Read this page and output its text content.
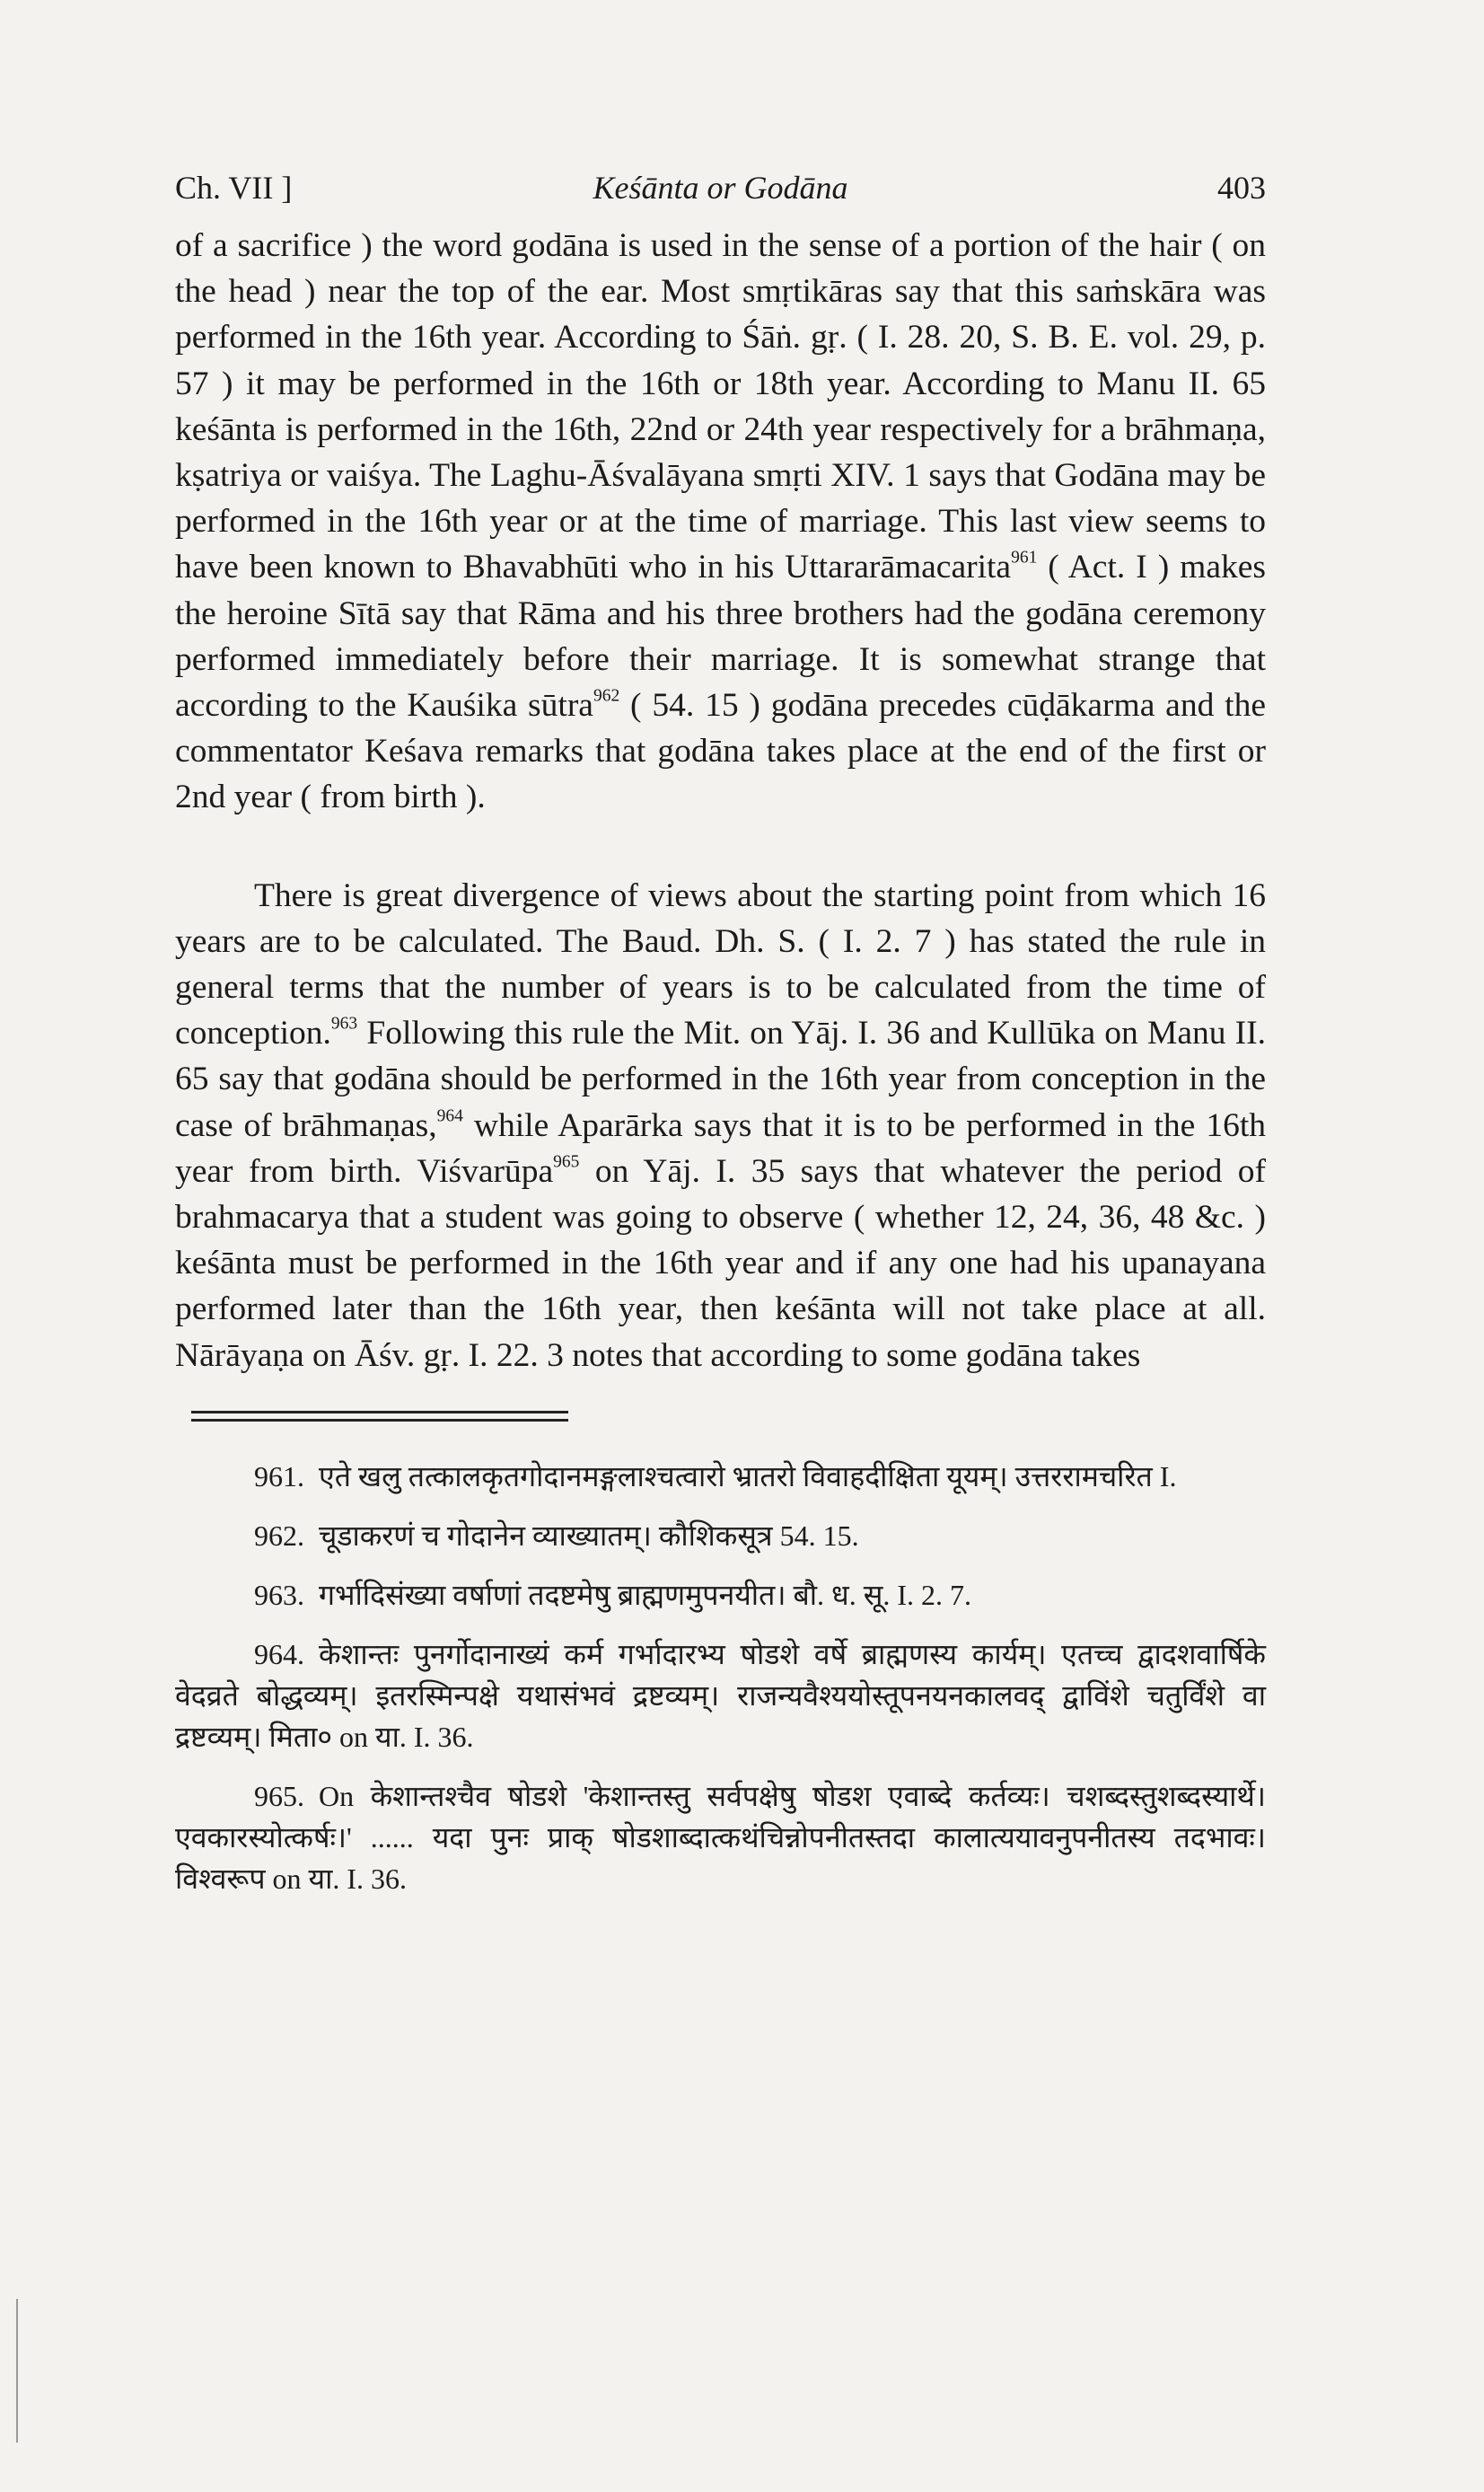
Ch. VII ]	Keśānta or Godāna	403

of a sacrifice ) the word godāna is used in the sense of a portion of the hair ( on the head ) near the top of the ear. Most smṛtikāras say that this saṁskāra was performed in the 16th year. According to Śāṅ. gṛ. ( I. 28. 20, S. B. E. vol. 29, p. 57 ) it may be performed in the 16th or 18th year. According to Manu II. 65 keśānta is performed in the 16th, 22nd or 24th year respectively for a brāhmaṇa, kṣatriya or vaiśya. The Laghu-Āśvalāyana smṛti XIV. 1 says that Godāna may be performed in the 16th year or at the time of marriage. This last view seems to have been known to Bhavabhūti who in his Uttararāmacarita$^{961}$ ( Act. I ) makes the heroine Sītā say that Rāma and his three brothers had the godāna ceremony performed immediately before their marriage. It is somewhat strange that according to the Kauśika sūtra$^{962}$ ( 54. 15 ) godāna precedes cūḍākarma and the commentator Keśava remarks that godāna takes place at the end of the first or 2nd year ( from birth ).

There is great divergence of views about the starting point from which 16 years are to be calculated. The Baud. Dh. S. ( I. 2. 7 ) has stated the rule in general terms that the number of years is to be calculated from the time of conception.$^{963}$ Following this rule the Mit. on Yāj. I. 36 and Kullūka on Manu II. 65 say that godāna should be performed in the 16th year from conception in the case of brāhmaṇas,$^{964}$ while Aparārka says that it is to be performed in the 16th year from birth. Viśvarūpa$^{965}$ on Yāj. I. 35 says that whatever the period of brahmacarya that a student was going to observe ( whether 12, 24, 36, 48 &c. ) keśānta must be performed in the 16th year and if any one had his upanayana performed later than the 16th year, then keśānta will not take place at all. Nārāyaṇa on Āśv. gṛ. I. 22. 3 notes that according to some godāna takes

961. एते खलु तत्कालकृतगोदानमङ्गलाश्चत्वारो भ्रातरो विवाहदीक्षिता यूयम्। उत्तररामचरित I.

962. चूडाकरणं च गोदानेन व्याख्यातम्। कौशिकसूत्र 54. 15.

963. गर्भादिसंख्या वर्षाणां तदष्टमेषु ब्राह्मणमुपनयीत। बौ. ध. सू. I. 2. 7.

964. केशान्तः पुनर्गोदानाख्यं कर्म गर्भादारभ्य षोडशे वर्षे ब्राह्मणस्य कार्यम्। एतच्च द्वादशवार्षिके वेदव्रते बोद्धव्यम्। इतरस्मिन्पक्षे यथासंभवं द्रष्टव्यम्। राजन्यवैश्ययोस्तूपनयनकालवद् द्वाविंशे चतुर्विंशे वा द्रष्टव्यम्। मिता० on या. I. 36.

965. On केशान्तश्चैव षोडशे 'केशान्तस्तु सर्वपक्षेषु षोडश एवाब्दे कर्तव्यः। चशब्दस्तुशब्दस्यार्थे। एवकारस्योत्कर्षः।' ...... यदा पुनः प्राक् षोडशाब्दात्कथंचिन्नोपनीतस्तदा कालात्ययावनुपनीतस्य तदभावः। विश्वरूप on या. I. 36.
